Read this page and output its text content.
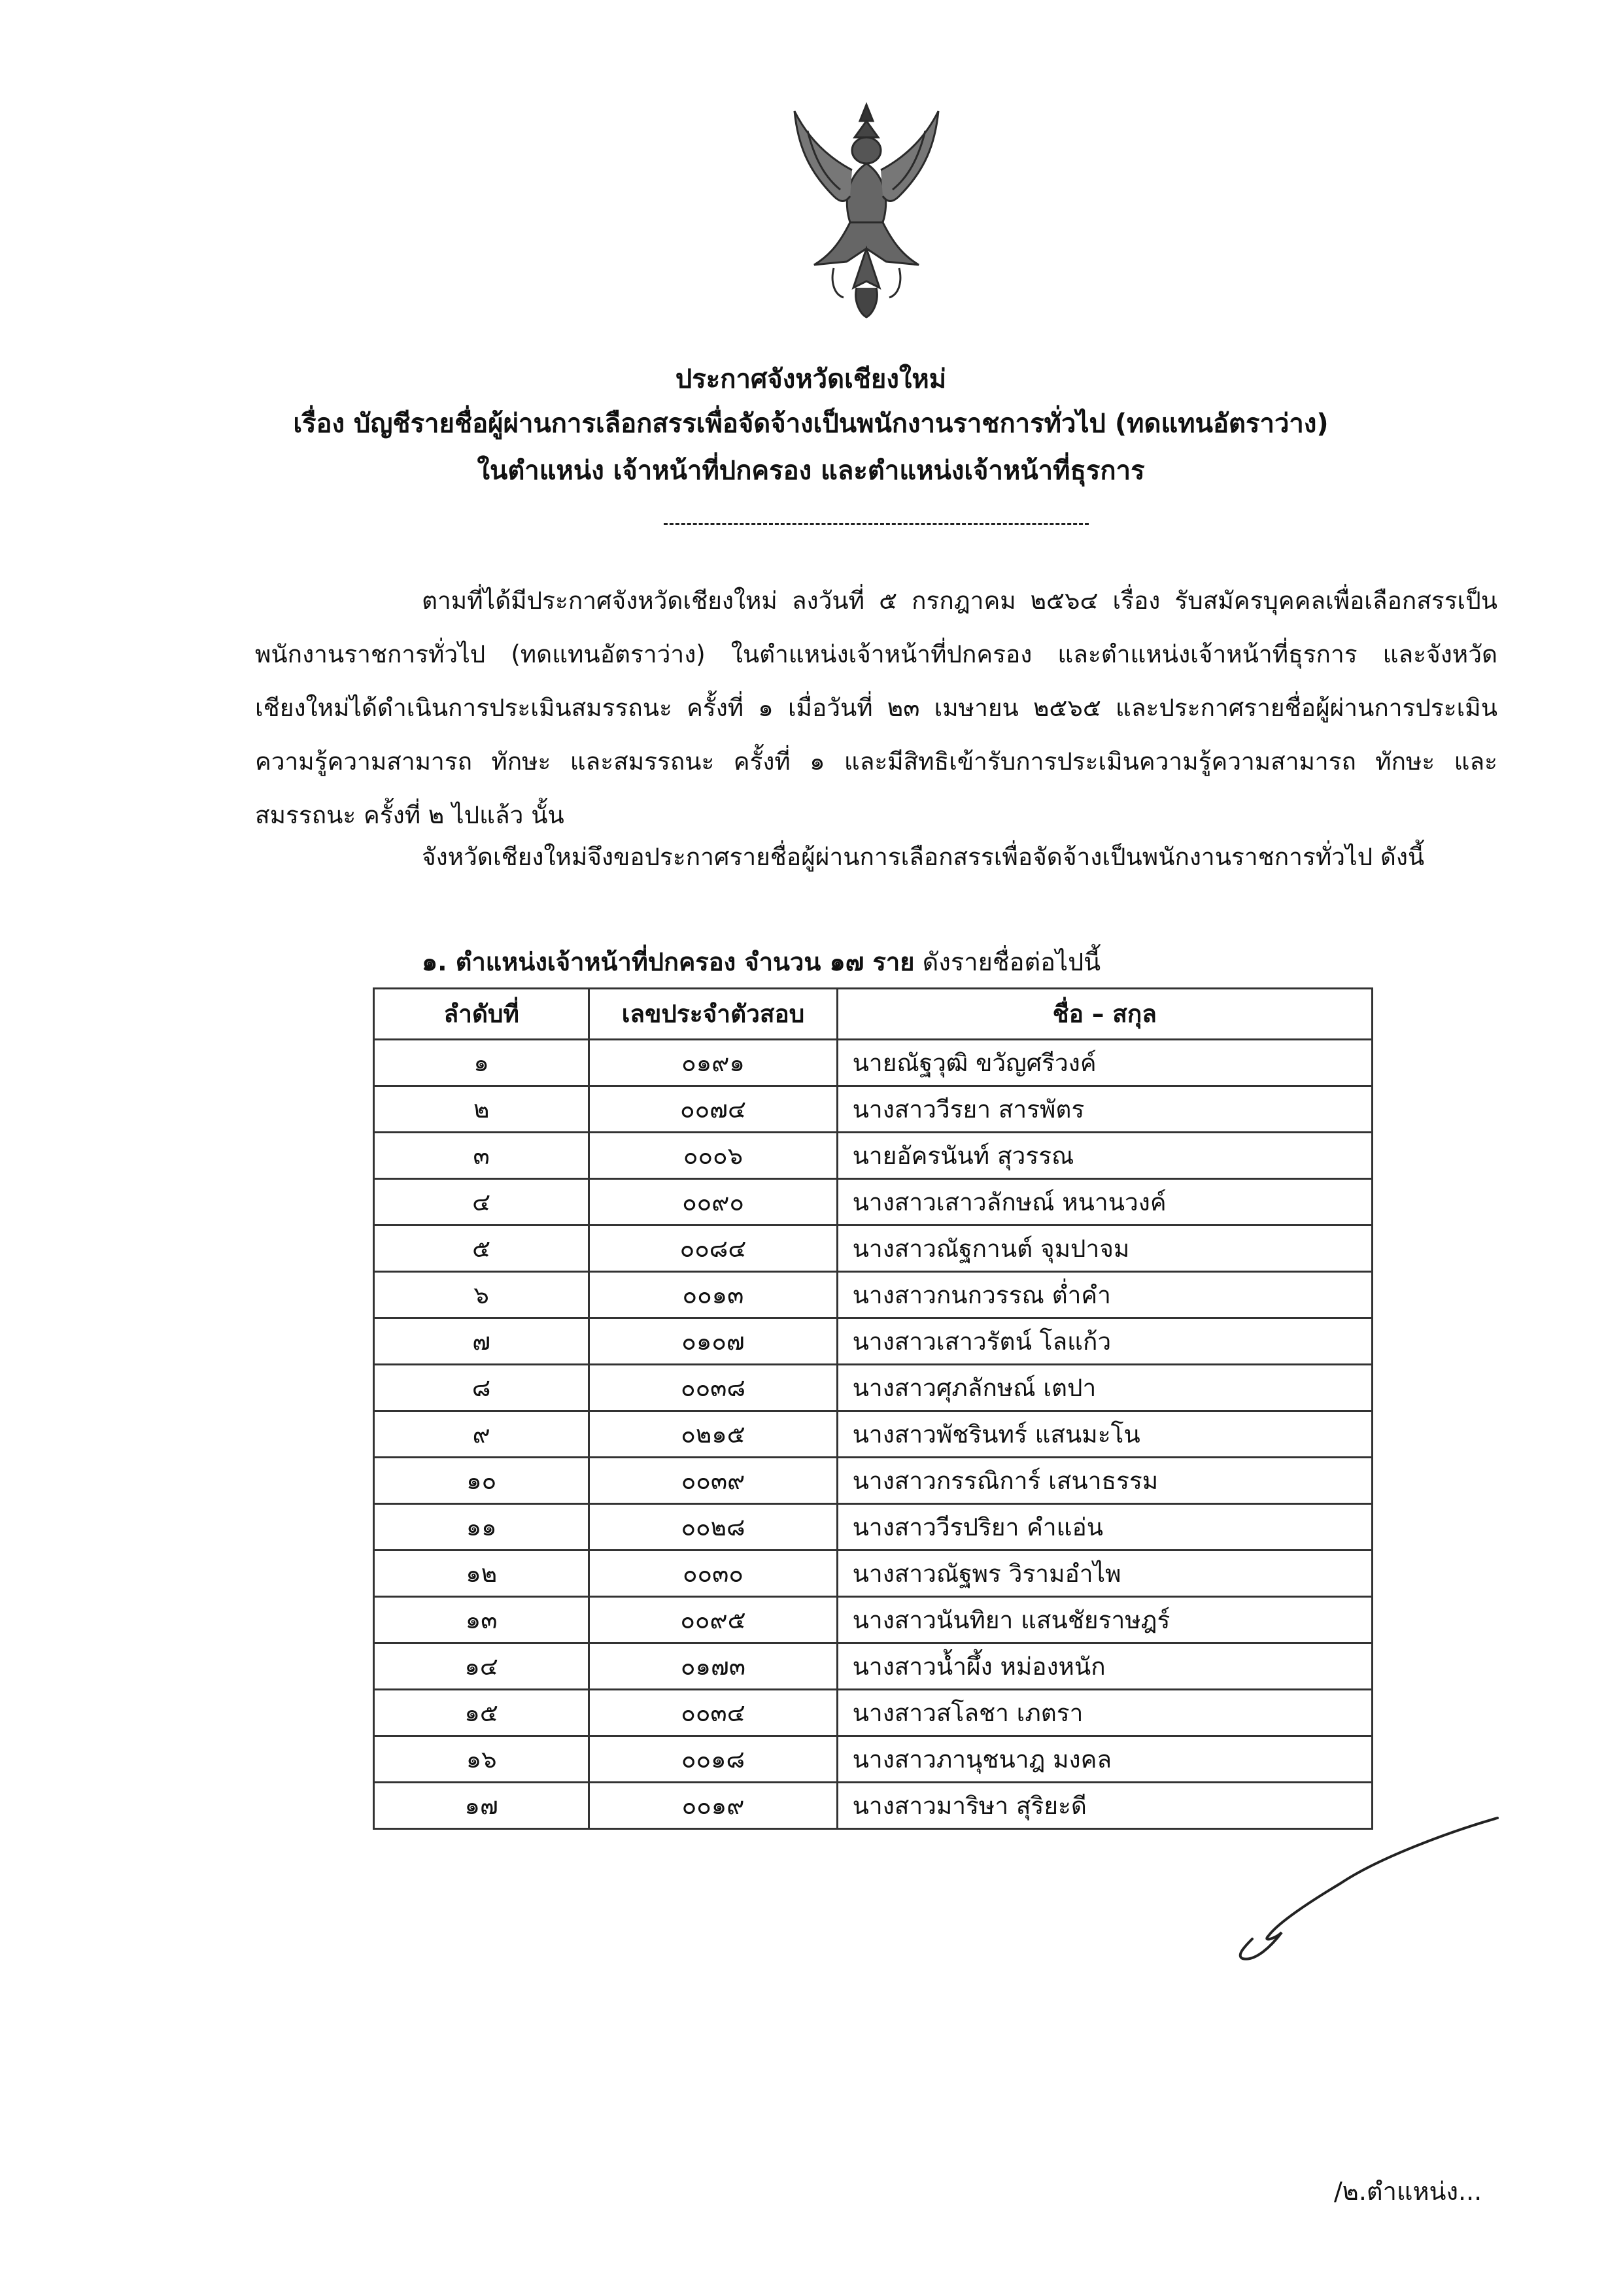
ประกาศจังหวัดเชียงใหม่
เรื่อง บัญชีรายชื่อผู้ผ่านการเลือกสรรเพื่อจัดจ้างเป็นพนักงานราชการทั่วไป (ทดแทนอัตราว่าง)
ในตำแหน่ง เจ้าหน้าที่ปกครอง และตำแหน่งเจ้าหน้าที่ธุรการ
ตามที่ได้มีประกาศจังหวัดเชียงใหม่ ลงวันที่ ๕ กรกฎาคม ๒๕๖๔ เรื่อง รับสมัครบุคคลเพื่อเลือกสรรเป็นพนักงานราชการทั่วไป (ทดแทนอัตราว่าง) ในตำแหน่งเจ้าหน้าที่ปกครอง และตำแหน่งเจ้าหน้าที่ธุรการ และจังหวัดเชียงใหม่ได้ดำเนินการประเมินสมรรถนะ ครั้งที่ ๑ เมื่อวันที่ ๒๓ เมษายน ๒๕๖๕ และประกาศรายชื่อผู้ผ่านการประเมินความรู้ความสามารถ ทักษะ และสมรรถนะ ครั้งที่ ๑ และมีสิทธิเข้ารับการประเมินความรู้ความสามารถ ทักษะ และสมรรถนะ ครั้งที่ ๒ ไปแล้ว นั้น
จังหวัดเชียงใหม่จึงขอประกาศรายชื่อผู้ผ่านการเลือกสรรเพื่อจัดจ้างเป็นพนักงานราชการทั่วไป ดังนี้
๑. ตำแหน่งเจ้าหน้าที่ปกครอง จำนวน ๑๗ ราย ดังรายชื่อต่อไปนี้
ลำดับที่	เลขประจำตัวสอบ	ชื่อ – สกุล
๑	๐๑๙๑	นายณัฐวุฒิ ขวัญศรีวงค์
๒	๐๐๗๔	นางสาววีรยา สารพัตร
๓	๐๐๐๖	นายอัครนันท์ สุวรรณ
๔	๐๐๙๐	นางสาวเสาวลักษณ์ หนานวงค์
๕	๐๐๘๔	นางสาวณัฐกานต์ จุมปาจม
๖	๐๐๑๓	นางสาวกนกวรรณ ต่ำคำ
๗	๐๑๐๗	นางสาวเสาวรัตน์ โลแก้ว
๘	๐๐๓๘	นางสาวศุภลักษณ์ เตปา
๙	๐๒๑๕	นางสาวพัชรินทร์ แสนมะโน
๑๐	๐๐๓๙	นางสาวกรรณิการ์ เสนาธรรม
๑๑	๐๐๒๘	นางสาววีรปริยา คำแอ่น
๑๒	๐๐๓๐	นางสาวณัฐพร วิรามอำไพ
๑๓	๐๐๙๕	นางสาวนันทิยา แสนชัยราษฎร์
๑๔	๐๑๗๓	นางสาวน้ำผึ้ง หม่องหนัก
๑๕	๐๐๓๔	นางสาวสโลชา เภตรา
๑๖	๐๐๑๘	นางสาวภานุชนาฎ มงคล
๑๗	๐๐๑๙	นางสาวมาริษา สุริยะดี
/๒.ตำแหน่ง...
